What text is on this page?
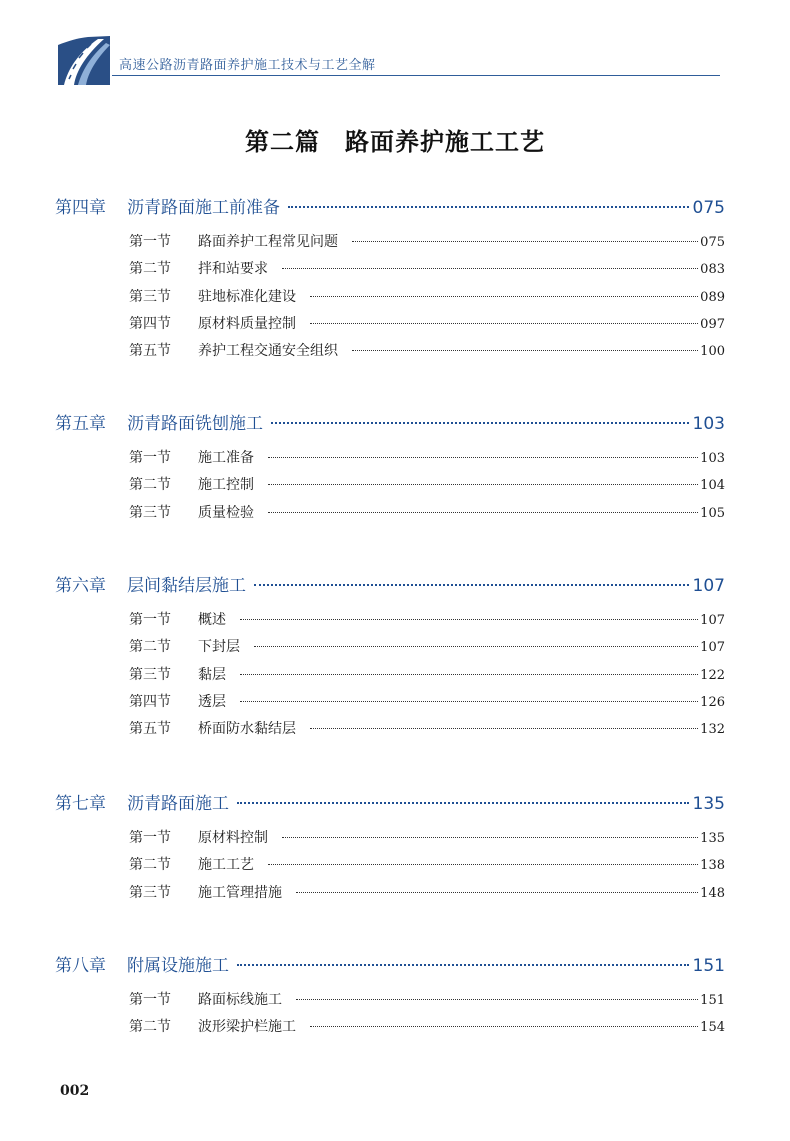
高速公路沥青路面养护施工技术与工艺全解
第二篇　路面养护施工工艺
第四章	沥青路面施工前准备	075
第一节	路面养护工程常见问题	075
第二节	拌和站要求	083
第三节	驻地标准化建设	089
第四节	原材料质量控制	097
第五节	养护工程交通安全组织	100
第五章	沥青路面铣刨施工	103
第一节	施工准备	103
第二节	施工控制	104
第三节	质量检验	105
第六章	层间黏结层施工	107
第一节	概述	107
第二节	下封层	107
第三节	黏层	122
第四节	透层	126
第五节	桥面防水黏结层	132
第七章	沥青路面施工	135
第一节	原材料控制	135
第二节	施工工艺	138
第三节	施工管理措施	148
第八章	附属设施施工	151
第一节	路面标线施工	151
第二节	波形梁护栏施工	154
002
